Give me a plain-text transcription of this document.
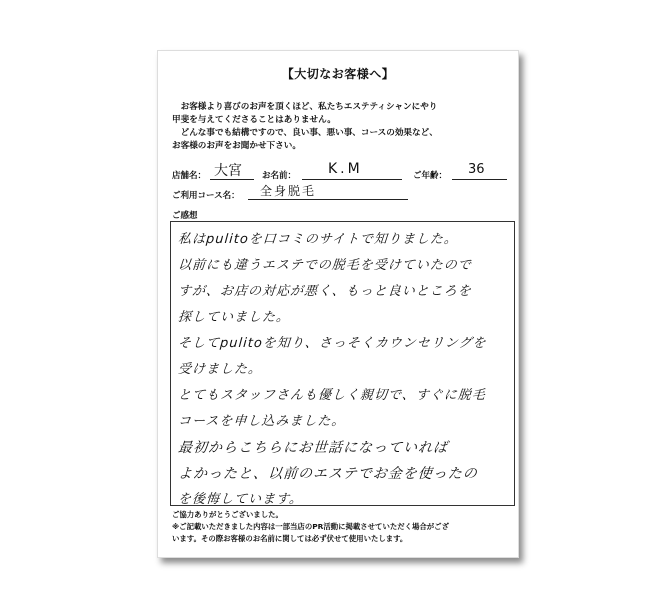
【大切なお客様へ】
　お客様より喜びのお声を頂くほど、私たちエステティシャンにやり
甲斐を与えてくださることはありません。
　どんな事でも結構ですので、良い事、悪い事、コースの効果など、
お客様のお声をお聞かせ下さい。
店舗名： 大宮 お名前： K.M	ご年齢： 36
ご利用コース名： 全身脱毛
ご感想
私はpulitoを口コミのサイトで知りました。
以前にも違うエステでの脱毛を受けていたので
すが、お店の対応が悪く、もっと良いところを
探していました。
そしてpulitoを知り、さっそくカウンセリングを
受けました。
とてもスタッフさんも優しく親切で、すぐに脱毛
コースを申し込みました。
最初からこちらにお世話になっていれば
よかったと、以前のエステでお金を使ったの
を後悔しています。
ご協力ありがとうございました。
※ご記載いただきました内容は一部当店のPR活動に掲載させていただく場合がござ
います。その際お客様のお名前に関しては必ず伏せて使用いたします。
